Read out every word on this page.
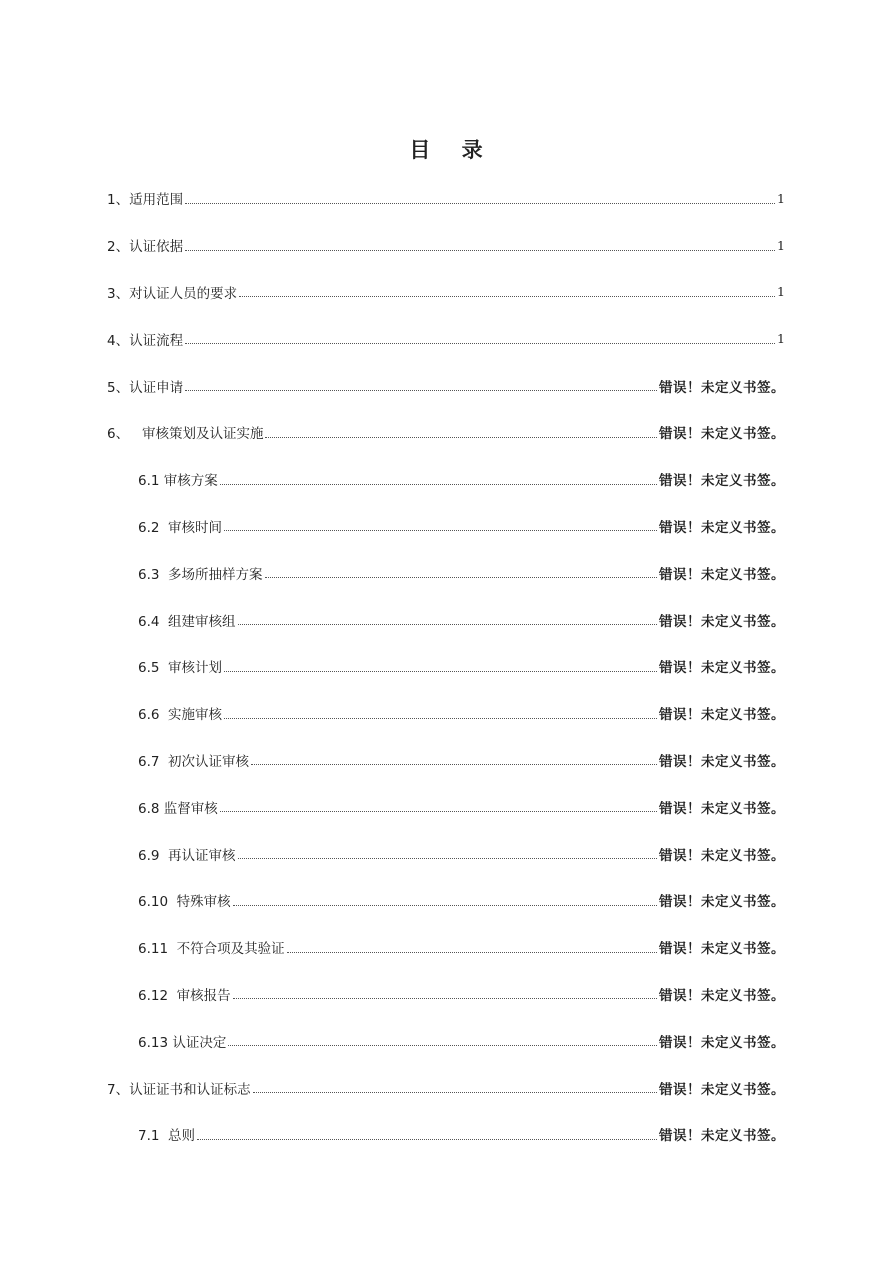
目 录
1、适用范围	1
2、认证依据	1
3、对认证人员的要求	1
4、认证流程	1
5、认证申请	错误！未定义书签。
6、   审核策划及认证实施	错误！未定义书签。
6.1 审核方案	错误！未定义书签。
6.2  审核时间	错误！未定义书签。
6.3  多场所抽样方案	错误！未定义书签。
6.4  组建审核组	错误！未定义书签。
6.5  审核计划	错误！未定义书签。
6.6  实施审核	错误！未定义书签。
6.7  初次认证审核	错误！未定义书签。
6.8 监督审核	错误！未定义书签。
6.9  再认证审核	错误！未定义书签。
6.10  特殊审核	错误！未定义书签。
6.11  不符合项及其验证	错误！未定义书签。
6.12  审核报告	错误！未定义书签。
6.13 认证决定	错误！未定义书签。
7、认证证书和认证标志	错误！未定义书签。
7.1  总则	错误！未定义书签。
